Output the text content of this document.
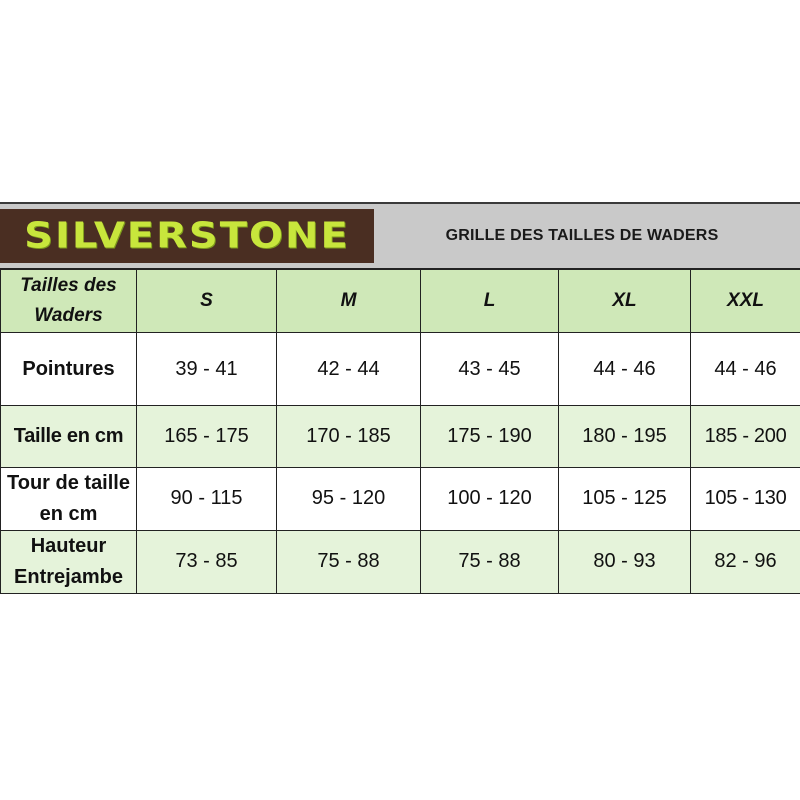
SILVERSTONE	GRILLE DES TAILLES DE WADERS
Tailles des Waders	S	M	L	XL	XXL
Pointures	39 - 41	42 - 44	43 - 45	44 - 46	44 - 46
Taille en cm	165 - 175	170 - 185	175 - 190	180 - 195	185 - 200
Tour de taille en cm	90 - 115	95 - 120	100 - 120	105 - 125	105 - 130
Hauteur Entrejambe	73 - 85	75 - 88	75 - 88	80 - 93	82 - 96
